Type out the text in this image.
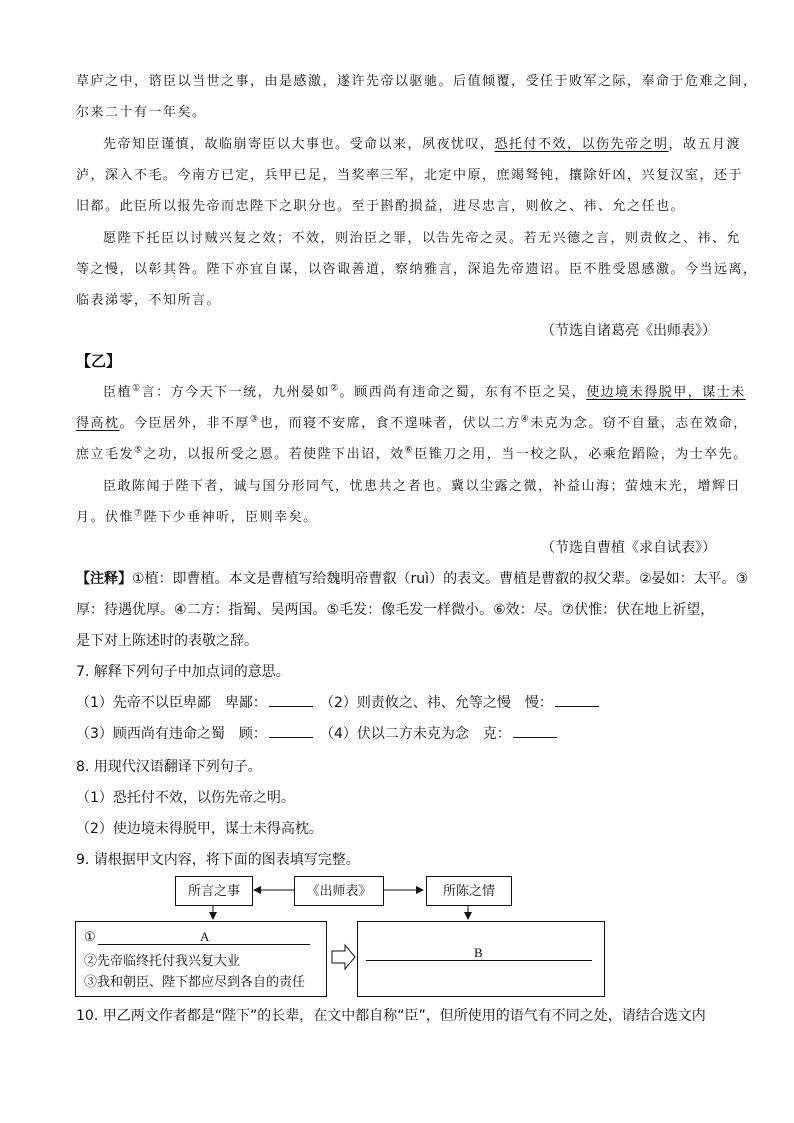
草庐之中，谘臣以当世之事，由是感激，遂许先帝以驱驰。后值倾覆，受任于败军之际，奉命于危难之间，
尔来二十有一年矣。
先帝知臣谨慎，故临崩寄臣以大事也。受命以来，夙夜忧叹，恐托付不效，以伤先帝之明，故五月渡
泸，深入不毛。今南方已定，兵甲已足，当奖率三军，北定中原，庶竭驽钝，攘除奸凶，兴复汉室，还于
旧都。此臣所以报先帝而忠陛下之职分也。至于斟酌损益，进尽忠言，则攸之、祎、允之任也。
愿陛下托臣以讨贼兴复之效；不效，则治臣之罪，以告先帝之灵。若无兴德之言，则责攸之、祎、允
等之慢，以彰其咎。陛下亦宜自谋，以咨诹善道，察纳雅言，深追先帝遗诏。臣不胜受恩感激。今当远离，
临表涕零，不知所言。
（节选自诸葛亮《出师表》）
【乙】
臣植①言：方今天下一统，九州晏如②。顾西尚有违命之蜀，东有不臣之吴，使边境未得脱甲，谋士未
得高枕。今臣居外，非不厚③也，而寝不安席，食不遑味者，伏以二方④未克为念。窃不自量，志在效命，
庶立毛发⑤之功，以报所受之恩。若使陛下出诏，效⑥臣锥刀之用，当一校之队，必乘危蹈险，为士卒先。
臣敢陈闻于陛下者，诚与国分形同气，忧患共之者也。冀以尘露之微，补益山海；萤烛末光，增辉日
月。伏惟⑦陛下少垂神听，臣则幸矣。
（节选自曹植《求自试表》）
【注释】①植：即曹植。本文是曹植写给魏明帝曹叡（ruì）的表文。曹植是曹叡的叔父辈。②晏如：太平。③
厚：待遇优厚。④二方：指蜀、吴两国。⑤毛发：像毛发一样微小。⑥效：尽。⑦伏惟：伏在地上祈望，
是下对上陈述时的表敬之辞。
7. 解释下列句子中加点词的意思。
（1）先帝不以臣卑鄙　卑鄙：	（2）则责攸之、祎、允等之慢　慢：
（3）顾西尚有违命之蜀　顾：	（4）伏以二方未克为念　克：
8. 用现代汉语翻译下列句子。
（1）恐托付不效，以伤先帝之明。
（2）使边境未得脱甲，谋士未得高枕。
9. 请根据甲文内容，将下面的图表填写完整。
所言之事	《出师表》	所陈之情
①	A
②先帝临终托付我兴复大业
③我和朝臣、陛下都应尽到各自的责任
B
10. 甲乙两文作者都是“陛下”的长辈，在文中都自称“臣”，但所使用的语气有不同之处，请结合选文内
